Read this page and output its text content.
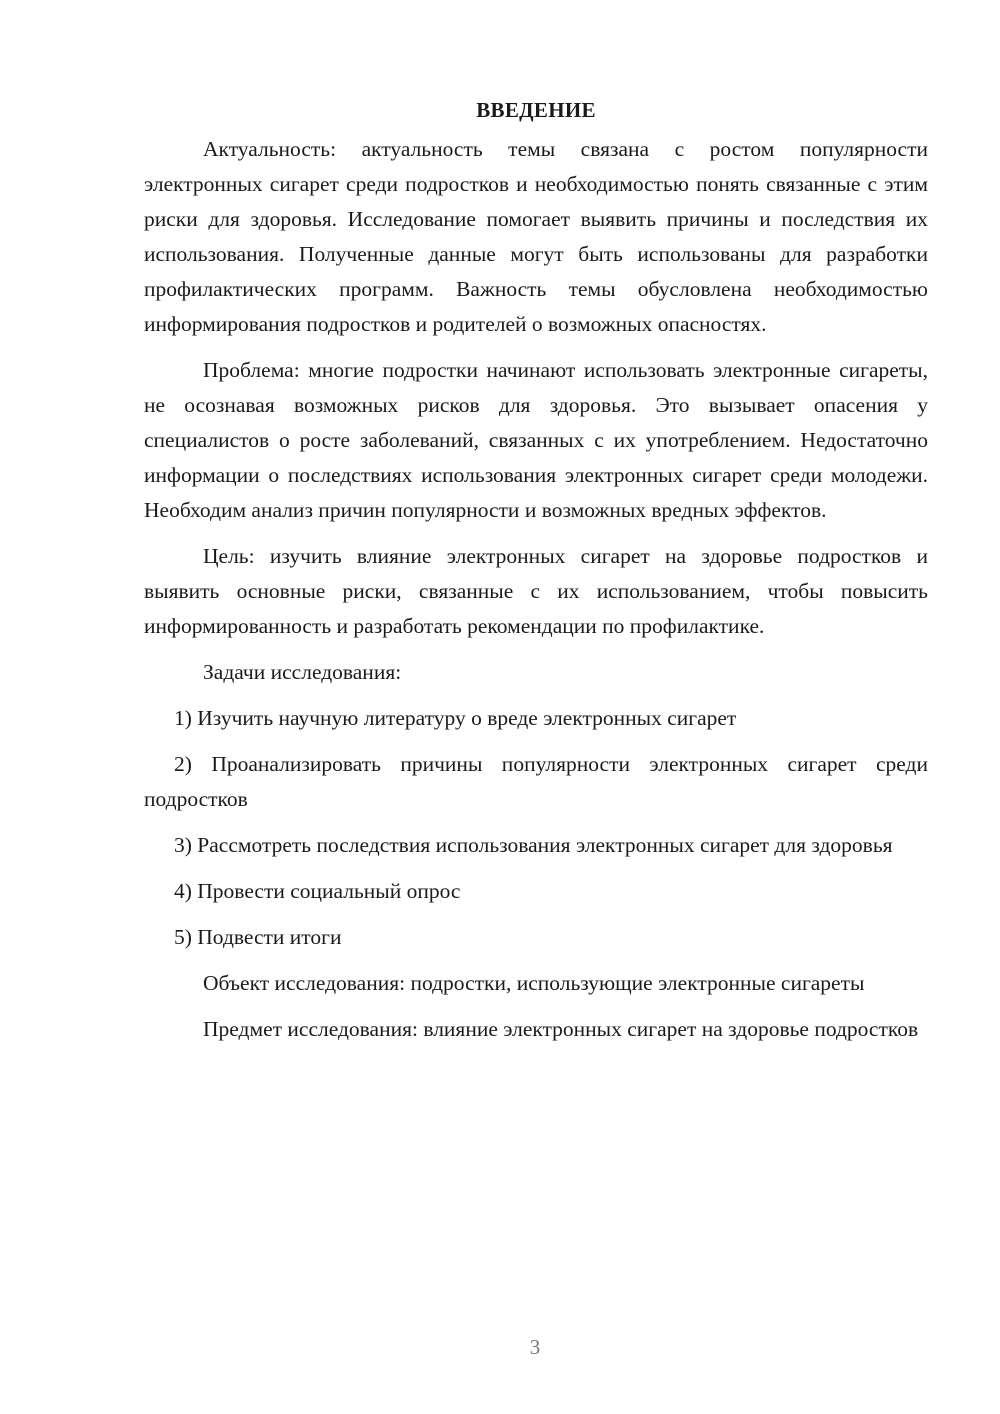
ВВЕДЕНИЕ

Актуальность: актуальность темы связана с ростом популярности электронных сигарет среди подростков и необходимостью понять связанные с этим риски для здоровья. Исследование помогает выявить причины и последствия их использования. Полученные данные могут быть использованы для разработки профилактических программ. Важность темы обусловлена необходимостью информирования подростков и родителей о возможных опасностях.

Проблема: многие подростки начинают использовать электронные сигареты, не осознавая возможных рисков для здоровья. Это вызывает опасения у специалистов о росте заболеваний, связанных с их употреблением. Недостаточно информации о последствиях использования электронных сигарет среди молодежи. Необходим анализ причин популярности и возможных вредных эффектов.

Цель: изучить влияние электронных сигарет на здоровье подростков и выявить основные риски, связанные с их использованием, чтобы повысить информированность и разработать рекомендации по профилактике.

Задачи исследования:

1) Изучить научную литературу о вреде электронных сигарет

2) Проанализировать причины популярности электронных сигарет среди подростков

3) Рассмотреть последствия использования электронных сигарет для здоровья

4) Провести социальный опрос

5) Подвести итоги

Объект исследования: подростки, использующие электронные сигареты

Предмет исследования: влияние электронных сигарет на здоровье подростков

3
